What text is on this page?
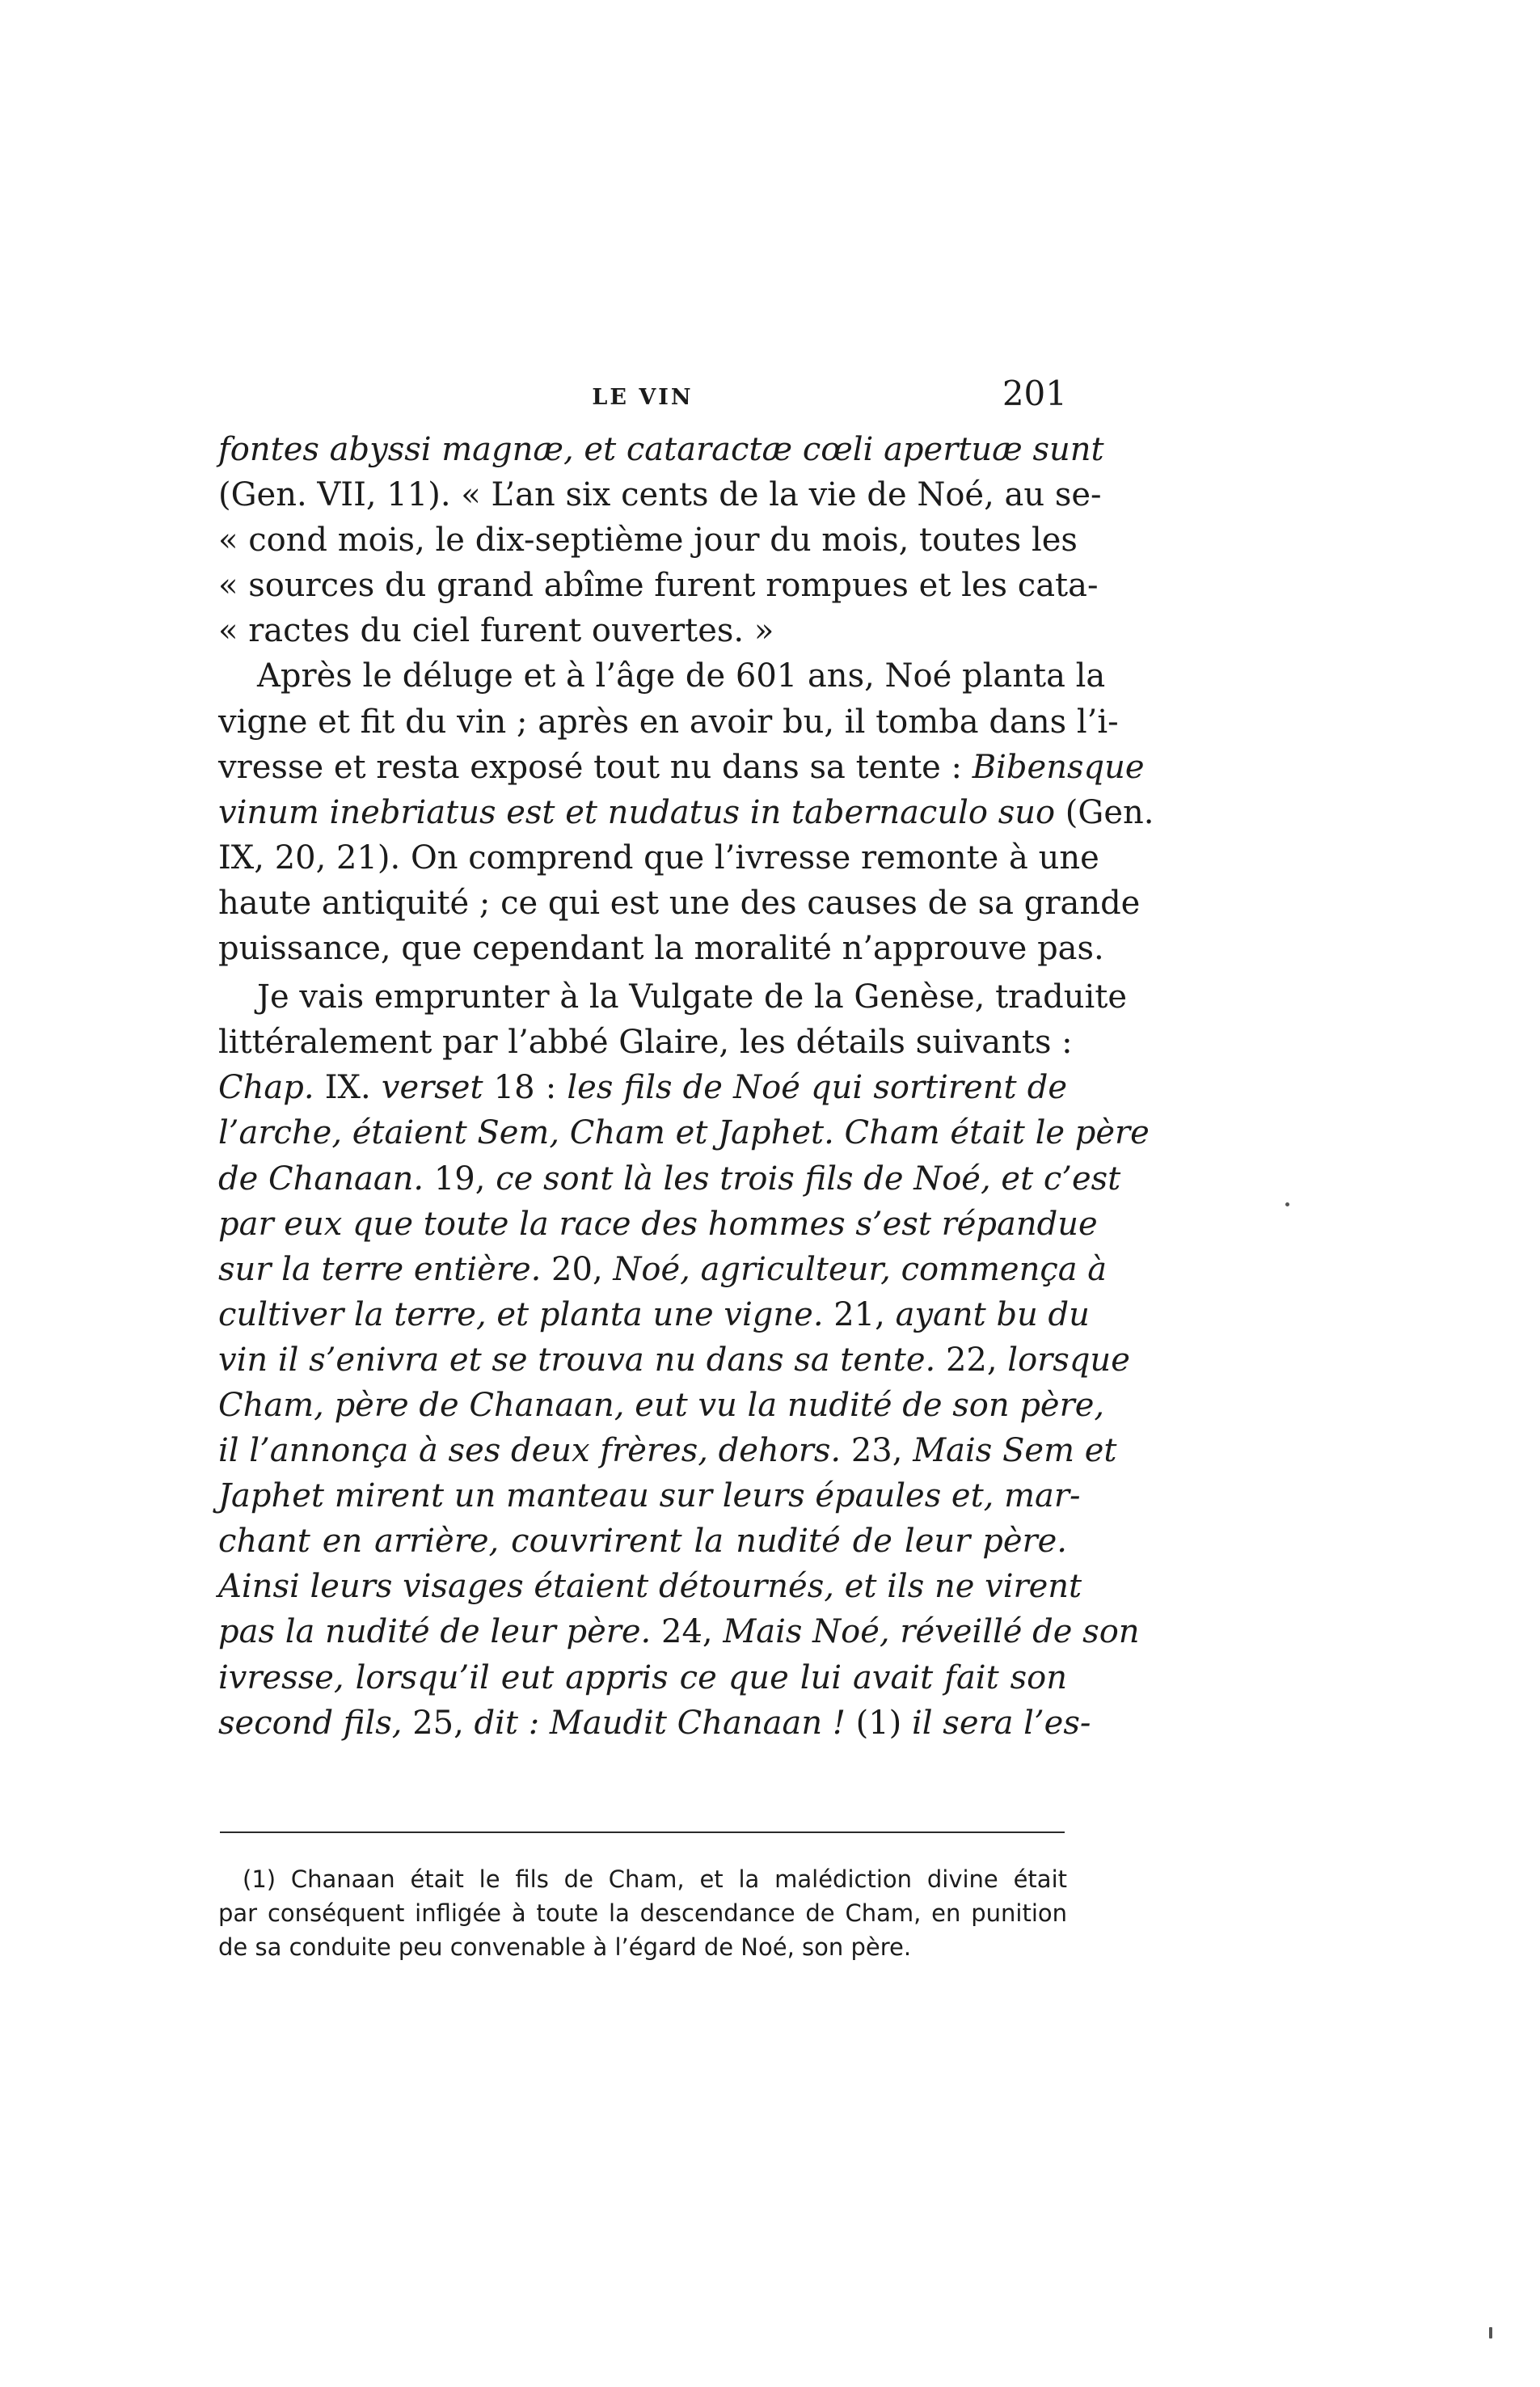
LE VIN	201
fontes abyssi magnæ, et cataractæ cœli apertuæ sunt
(Gen. VII, 11). « L’an six cents de la vie de Noé, au se-
« cond mois, le dix-septième jour du mois, toutes les
« sources du grand abîme furent rompues et les cata-
« ractes du ciel furent ouvertes. »
Après le déluge et à l’âge de 601 ans, Noé planta la
vigne et fit du vin ; après en avoir bu, il tomba dans l’i-
vresse et resta exposé tout nu dans sa tente : Bibensque
vinum inebriatus est et nudatus in tabernaculo suo (Gen.
IX, 20, 21). On comprend que l’ivresse remonte à une
haute antiquité ; ce qui est une des causes de sa grande
puissance, que cependant la moralité n’approuve pas.
Je vais emprunter à la Vulgate de la Genèse, traduite
littéralement par l’abbé Glaire, les détails suivants :
Chap. IX. verset 18 : les fils de Noé qui sortirent de
l’arche, étaient Sem, Cham et Japhet. Cham était le père
de Chanaan. 19, ce sont là les trois fils de Noé, et c’est
par eux que toute la race des hommes s’est répandue
sur la terre entière. 20, Noé, agriculteur, commença à
cultiver la terre, et planta une vigne. 21, ayant bu du
vin il s’enivra et se trouva nu dans sa tente. 22, lorsque
Cham, père de Chanaan, eut vu la nudité de son père,
il l’annonça à ses deux frères, dehors. 23, Mais Sem et
Japhet mirent un manteau sur leurs épaules et, mar-
chant en arrière, couvrirent la nudité de leur père.
Ainsi leurs visages étaient détournés, et ils ne virent
pas la nudité de leur père. 24, Mais Noé, réveillé de son
ivresse, lorsqu’il eut appris ce que lui avait fait son
second fils, 25, dit : Maudit Chanaan ! (1) il sera l’es-
(1) Chanaan était le fils de Cham, et la malédiction divine était
par conséquent infligée à toute la descendance de Cham, en punition
de sa conduite peu convenable à l’égard de Noé, son père.
